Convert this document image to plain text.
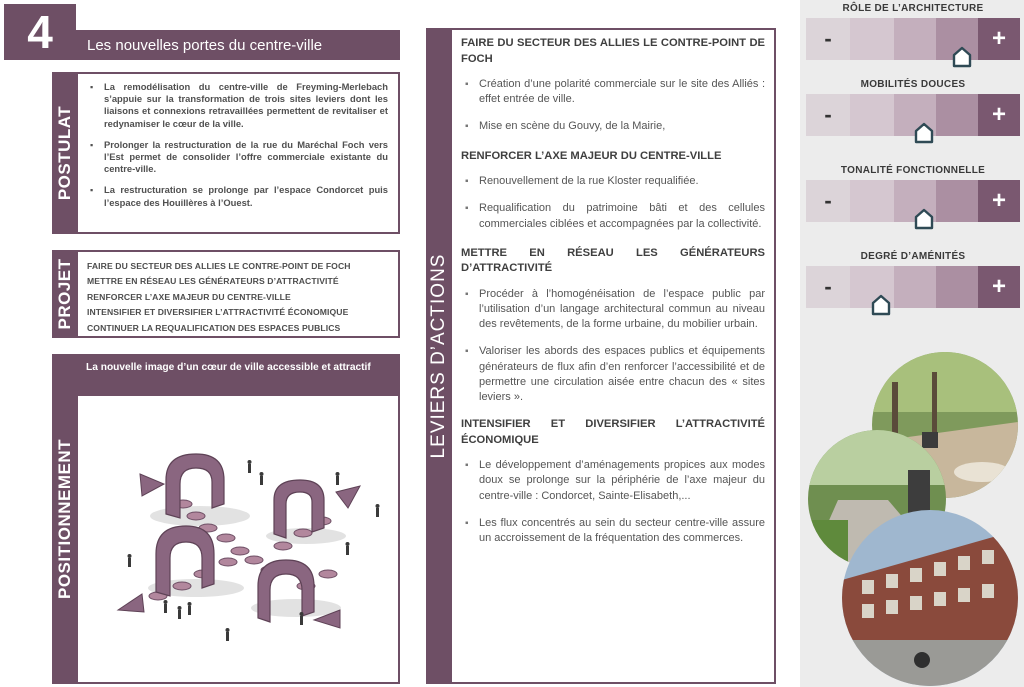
4	Les nouvelles portes du centre-ville
POSTULAT
▪ La remodélisation du centre-ville de Freyming-Merlebach s’appuie sur la transformation de trois sites leviers dont les liaisons et connexions retravaillées permettent de revitaliser et redynamiser le cœur de la ville.
▪ Prolonger la restructuration de la rue du Maréchal Foch vers l’Est permet de consolider l’offre commerciale existante du centre-ville.
▪ La restructuration se prolonge par l’espace Condorcet puis l’espace des Houillères à l’Ouest.
PROJET FAIRE DU SECTEUR DES ALLIES LE CONTRE-POINT DE FOCH
METTRE EN RÉSEAU LES GÉNÉRATEURS D’ATTRACTIVITÉ
RENFORCER L’AXE MAJEUR DU CENTRE-VILLE
INTENSIFIER ET DIVERSIFIER L’ATTRACTIVITÉ ÉCONOMIQUE
CONTINUER LA REQUALIFICATION DES ESPACES PUBLICS
POSITIONNEMENT
La nouvelle image d’un cœur de ville accessible et attractif	LEVIERS D’ACTIONS
FAIRE DU SECTEUR DES ALLIES LE CONTRE-POINT DE FOCH
▪ Création d’une polarité commerciale sur le site des Alliés : effet entrée de ville.
▪ Mise en scène du Gouvy, de la Mairie,
RENFORCER L’AXE MAJEUR DU CENTRE-VILLE
▪ Renouvellement de la rue Kloster requalifiée.
▪ Requalification du patrimoine bâti et des cellules commerciales ciblées et accompagnées par la collectivité.
METTRE EN RÉSEAU LES GÉNÉRATEURS D’ATTRACTIVITÉ
▪ Procéder à l’homogénéisation de l’espace public par l’utilisation d’un langage architectural commun au niveau des revêtements, de la forme urbaine, du mobilier urbain.
▪ Valoriser les abords des espaces publics et équipements générateurs de flux afin d’en renforcer l’accessibilité et de permettre une circulation aisée entre chacun des « sites leviers ».
INTENSIFIER ET DIVERSIFIER L’ATTRACTIVITÉ ÉCONOMIQUE
▪ Le développement d’aménagements propices aux modes doux se prolonge sur la périphérie de l’axe majeur du centre-ville : Condorcet, Sainte-Elisabeth,...
▪ Les flux concentrés au sein du secteur centre-ville assure un accroissement de la fréquentation des commerces.
RÔLE DE L’ARCHITECTURE
-	+
MOBILITÉS DOUCES
-	+
TONALITÉ FONCTIONNELLE
-	+
DEGRÉ D’AMÉNITÉS
-	+
